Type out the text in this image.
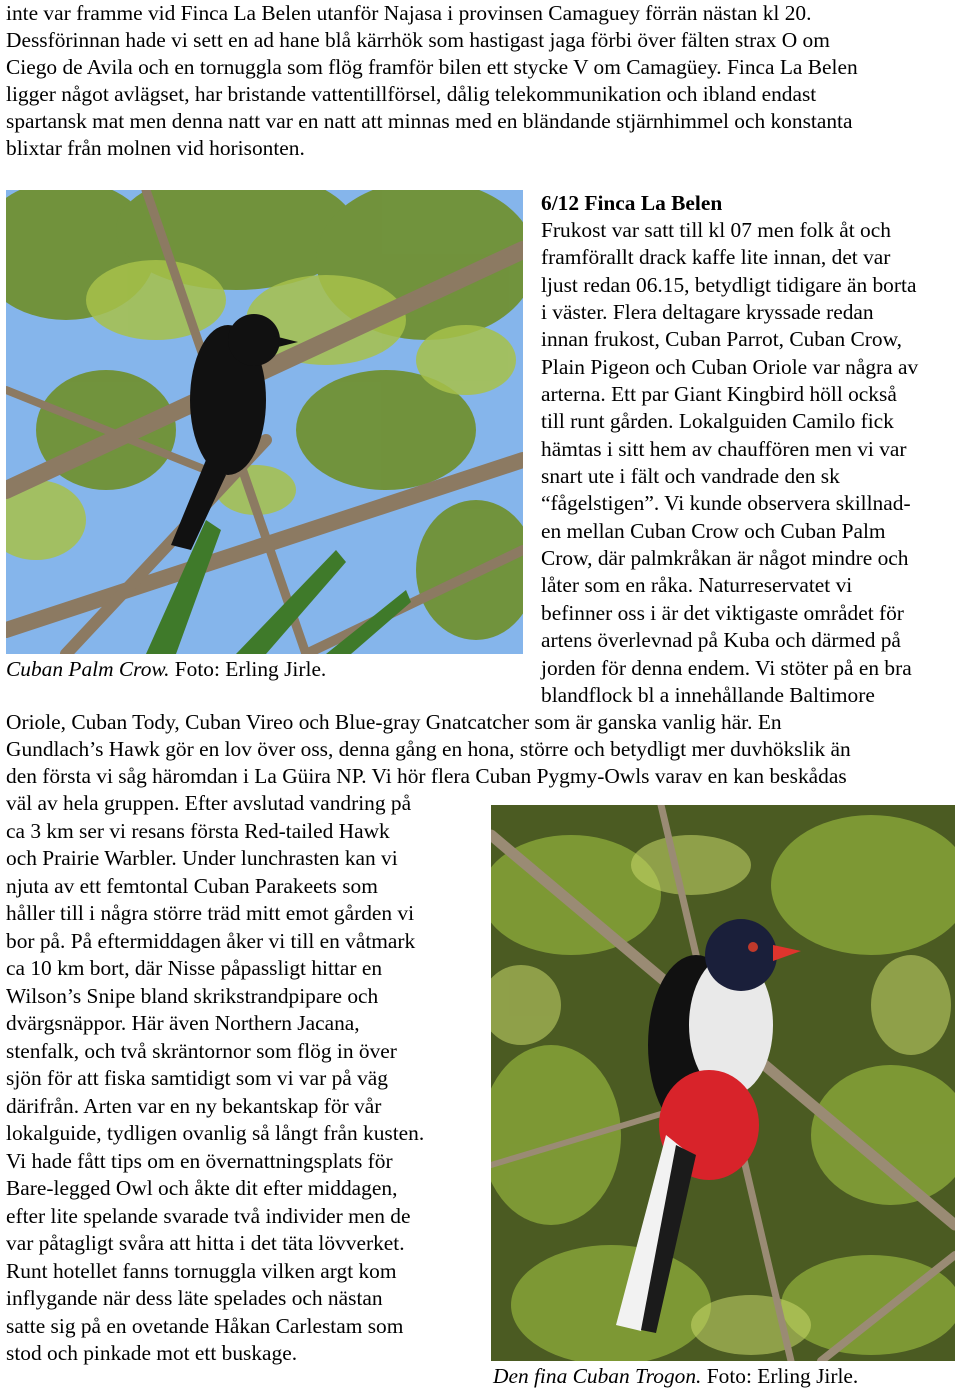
inte var framme vid Finca La Belen utanför Najasa i provinsen Camaguey förrän nästan kl 20.
Dessförinnan hade vi sett en ad hane blå kärrhök som hastigast jaga förbi över fälten strax O om
Ciego de Avila och en tornuggla som flög framför bilen ett stycke V om Camagüey. Finca La Belen
ligger något avlägset, har bristande vattentillförsel, dålig telekommunikation och ibland endast
spartansk mat men denna natt var en natt att minnas med en bländande stjärnhimmel och konstanta
blixtar från molnen vid horisonten.
Cuban Palm Crow. Foto: Erling Jirle.
6/12 Finca La Belen
Frukost var satt till kl 07 men folk åt och
framförallt drack kaffe lite innan, det var
ljust redan 06.15, betydligt tidigare än borta
i väster. Flera deltagare kryssade redan
innan frukost, Cuban Parrot, Cuban Crow,
Plain Pigeon och Cuban Oriole var några av
arterna. Ett par Giant Kingbird höll också
till runt gården. Lokalguiden Camilo fick
hämtas i sitt hem av chauffören men vi var
snart ute i fält och vandrade den sk
“fågelstigen”. Vi kunde observera skillnad-
en mellan Cuban Crow och Cuban Palm
Crow, där palmkråkan är något mindre och
låter som en råka. Naturreservatet vi
befinner oss i är det viktigaste området för
artens överlevnad på Kuba och därmed på
jorden för denna endem. Vi stöter på en bra
blandflock bl a innehållande Baltimore
Oriole, Cuban Tody, Cuban Vireo och Blue-gray Gnatcatcher som är ganska vanlig här. En
Gundlach’s Hawk gör en lov över oss, denna gång en hona, större och betydligt mer duvhökslik än
den första vi såg häromdan i La Güira NP. Vi hör flera Cuban Pygmy-Owls varav en kan beskådas
väl av hela gruppen. Efter avslutad vandring på
ca 3 km ser vi resans första Red-tailed Hawk
och Prairie Warbler. Under lunchrasten kan vi
njuta av ett femtontal Cuban Parakeets som
håller till i några större träd mitt emot gården vi
bor på. På eftermiddagen åker vi till en våtmark
ca 10 km bort, där Nisse påpassligt hittar en
Wilson’s Snipe bland skrikstrandpipare och
dvärgsnäppor. Här även Northern Jacana,
stenfalk, och två skräntornor som flög in över
sjön för att fiska samtidigt som vi var på väg
därifrån. Arten var en ny bekantskap för vår
lokalguide, tydligen ovanlig så långt från kusten.
Vi hade fått tips om en övernattningsplats för
Bare-legged Owl och åkte dit efter middagen,
efter lite spelande svarade två individer men de
var påtagligt svåra att hitta i det täta lövverket.
Runt hotellet fanns tornuggla vilken argt kom
inflygande när dess läte spelades och nästan
satte sig på en ovetande Håkan Carlestam som
stod och pinkade mot ett buskage.
Den fina Cuban Trogon. Foto: Erling Jirle.
